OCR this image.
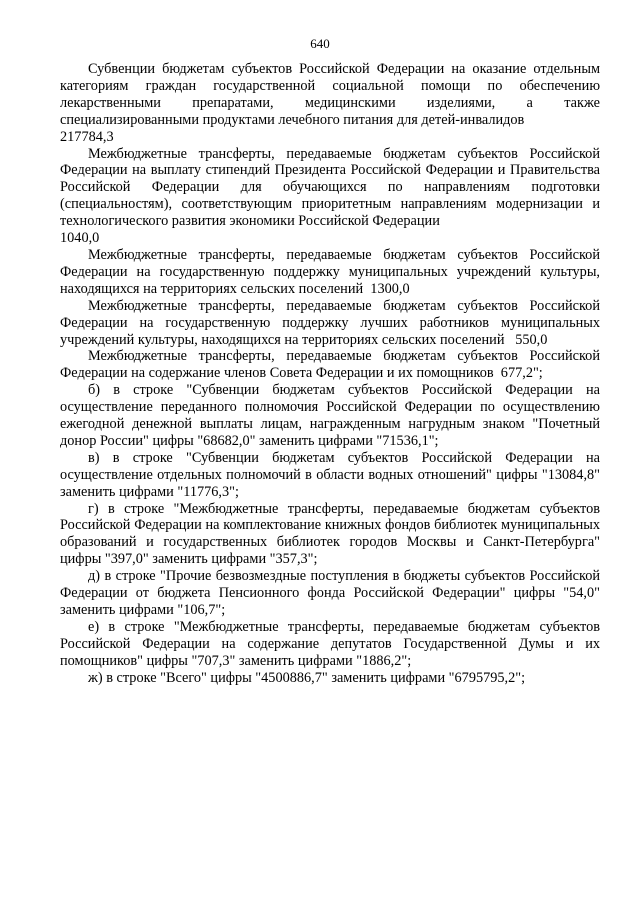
640

Субвенции бюджетам субъектов Российской Федерации на оказание отдельным категориям граждан государственной социальной помощи по обеспечению лекарственными препаратами, медицинскими изделиями, а также специализированными продуктами лечебного питания для детей-инвалидов

217784,3

Межбюджетные трансферты, передаваемые бюджетам субъектов Российской Федерации на выплату стипендий Президента Российской Федерации и Правительства Российской Федерации для обучающихся по направлениям подготовки (специальностям), соответствующим приоритетным направлениям модернизации и технологического развития экономики Российской Федерации

1040,0

Межбюджетные трансферты, передаваемые бюджетам субъектов Российской Федерации на государственную поддержку муниципальных учреждений культуры, находящихся на территориях сельских поселений 1300,0

Межбюджетные трансферты, передаваемые бюджетам субъектов Российской Федерации на государственную поддержку лучших работников муниципальных учреждений культуры, находящихся на территориях сельских поселений 550,0

Межбюджетные трансферты, передаваемые бюджетам субъектов Российской Федерации на содержание членов Совета Федерации и их помощников 677,2";

б) в строке "Субвенции бюджетам субъектов Российской Федерации на осуществление переданного полномочия Российской Федерации по осуществлению ежегодной денежной выплаты лицам, награжденным нагрудным знаком "Почетный донор России" цифры "68682,0" заменить цифрами "71536,1";

в) в строке "Субвенции бюджетам субъектов Российской Федерации на осуществление отдельных полномочий в области водных отношений" цифры "13084,8" заменить цифрами "11776,3";

г) в строке "Межбюджетные трансферты, передаваемые бюджетам субъектов Российской Федерации на комплектование книжных фондов библиотек муниципальных образований и государственных библиотек городов Москвы и Санкт-Петербурга" цифры "397,0" заменить цифрами "357,3";

д) в строке "Прочие безвозмездные поступления в бюджеты субъектов Российской Федерации от бюджета Пенсионного фонда Российской Федерации" цифры "54,0" заменить цифрами "106,7";

е) в строке "Межбюджетные трансферты, передаваемые бюджетам субъектов Российской Федерации на содержание депутатов Государственной Думы и их помощников" цифры "707,3" заменить цифрами "1886,2";

ж) в строке "Всего" цифры "4500886,7" заменить цифрами "6795795,2";
